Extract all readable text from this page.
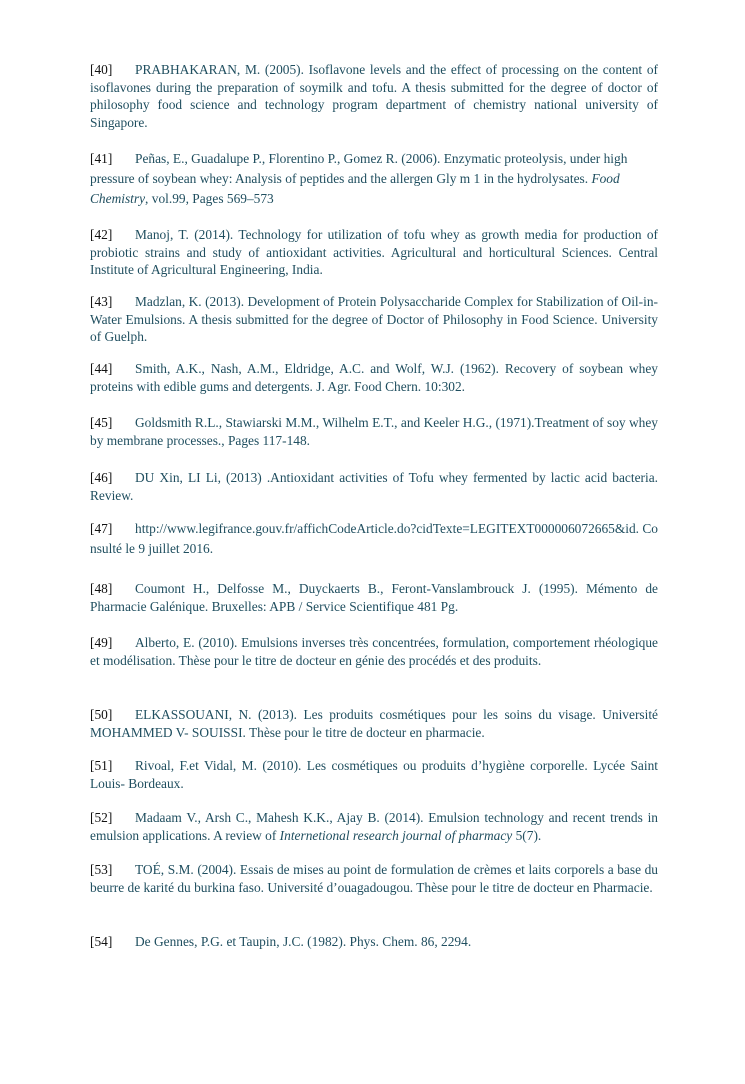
[40] PRABHAKARAN, M. (2005). Isoflavone levels and the effect of processing on the content of isoflavones during the preparation of soymilk and tofu. A thesis submitted for the degree of doctor of philosophy food science and technology program department of chemistry national university of Singapore.

[41] Peñas, E., Guadalupe P., Florentino P., Gomez R. (2006). Enzymatic proteolysis, under high pressure of soybean whey: Analysis of peptides and the allergen Gly m 1 in the hydrolysates. Food Chemistry, vol.99, Pages 569–573

[42] Manoj, T. (2014). Technology for utilization of tofu whey as growth media for production of probiotic strains and study of antioxidant activities. Agricultural and horticultural Sciences. Central Institute of Agricultural Engineering, India.

[43] Madzlan, K. (2013). Development of Protein Polysaccharide Complex for Stabilization of Oil-in-Water Emulsions. A thesis submitted for the degree of Doctor of Philosophy in Food Science. University of Guelph.

[44] Smith, A.K., Nash, A.M., Eldridge, A.C. and Wolf, W.J. (1962). Recovery of soybean whey proteins with edible gums and detergents. J. Agr. Food Chern. 10:302.

[45] Goldsmith R.L., Stawiarski M.M., Wilhelm E.T., and Keeler H.G., (1971).Treatment of soy whey by membrane processes., Pages 117-148.

[46] DU Xin, LI Li, (2013) .Antioxidant activities of Tofu whey fermented by lactic acid bacteria. Review.

[47] http://www.legifrance.gouv.fr/affichCodeArticle.do?cidTexte=LEGITEXT000006072665&id. Consulté le 9 juillet 2016.

[48] Coumont H., Delfosse M., Duyckaerts B., Feront-Vanslambrouck J. (1995). Mémento de Pharmacie Galénique. Bruxelles: APB / Service Scientifique 481 Pg.

[49] Alberto, E. (2010). Emulsions inverses très concentrées, formulation, comportement rhéologique et modélisation. Thèse pour le titre de docteur en génie des procédés et des produits.

[50] ELKASSOUANI, N. (2013). Les produits cosmétiques pour les soins du visage. Université MOHAMMED V- SOUISSI. Thèse pour le titre de docteur en pharmacie.

[51] Rivoal, F.et Vidal, M. (2010). Les cosmétiques ou produits d’hygiène corporelle. Lycée Saint Louis- Bordeaux.

[52] Madaam V., Arsh C., Mahesh K.K., Ajay B. (2014). Emulsion technology and recent trends in emulsion applications. A review of Internetional research journal of pharmacy 5(7).

[53] TOÉ, S.M. (2004). Essais de mises au point de formulation de crèmes et laits corporels a base du beurre de karité du burkina faso. Université d’ouagadougou. Thèse pour le titre de docteur en Pharmacie.

[54] De Gennes, P.G. et Taupin, J.C. (1982). Phys. Chem. 86, 2294.
